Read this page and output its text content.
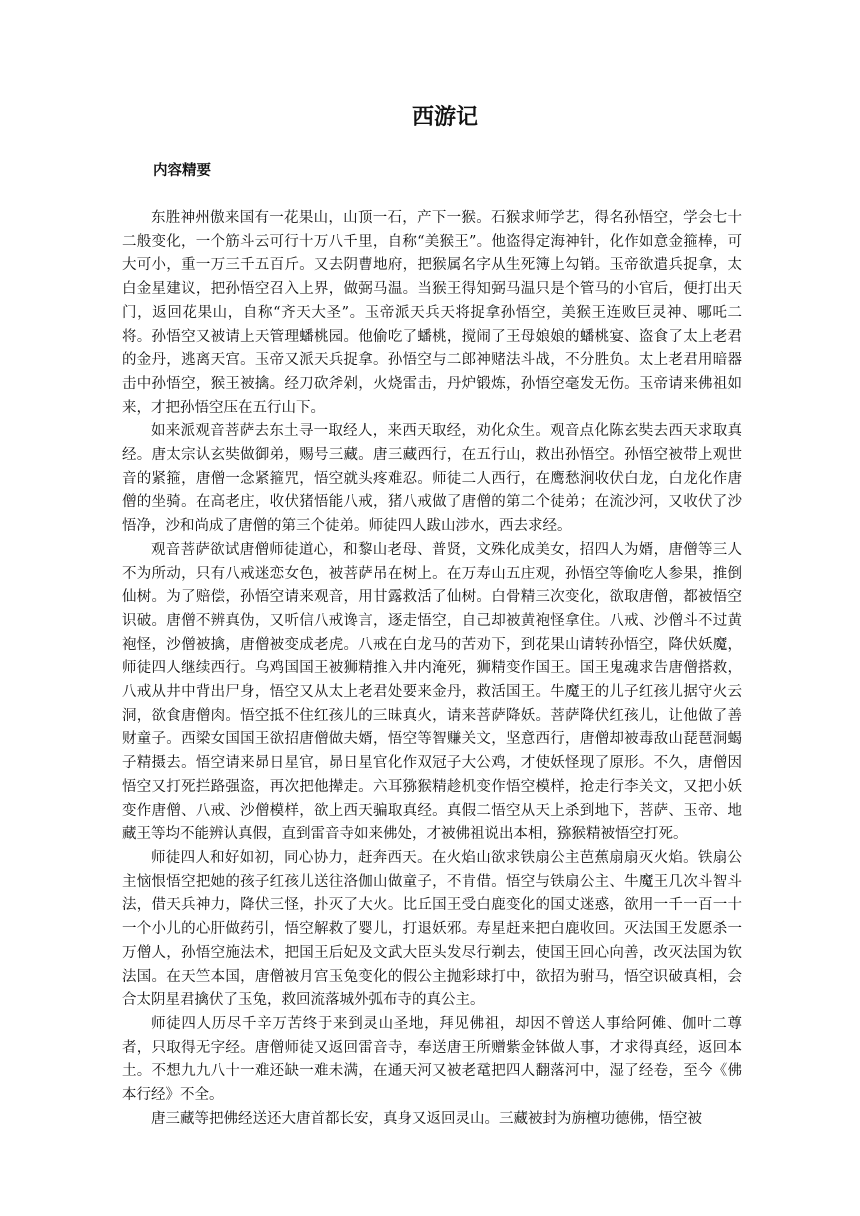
西游记
内容精要

东胜神州傲来国有一花果山，山顶一石，产下一猴。石猴求师学艺，得名孙悟空，学会七十二般变化，一个筋斗云可行十万八千里，自称“美猴王”。他盗得定海神针，化作如意金箍棒，可大可小，重一万三千五百斤。又去阴曹地府，把猴属名字从生死簿上勾销。玉帝欲遣兵捉拿，太白金星建议，把孙悟空召入上界，做弼马温。当猴王得知弼马温只是个管马的小官后，便打出天门，返回花果山，自称“齐天大圣”。玉帝派天兵天将捉拿孙悟空，美猴王连败巨灵神、哪吒二将。孙悟空又被请上天管理蟠桃园。他偷吃了蟠桃，搅闹了王母娘娘的蟠桃宴、盗食了太上老君的金丹，逃离天宫。玉帝又派天兵捉拿。孙悟空与二郎神赌法斗战，不分胜负。太上老君用暗器击中孙悟空，猴王被擒。经刀砍斧剁，火烧雷击，丹炉锻炼，孙悟空毫发无伤。玉帝请来佛祖如来，才把孙悟空压在五行山下。

如来派观音菩萨去东土寻一取经人，来西天取经，劝化众生。观音点化陈玄奘去西天求取真经。唐太宗认玄奘做御弟，赐号三藏。唐三藏西行，在五行山，救出孙悟空。孙悟空被带上观世音的紧箍，唐僧一念紧箍咒，悟空就头疼难忍。师徒二人西行，在鹰愁涧收伏白龙，白龙化作唐僧的坐骑。在高老庄，收伏猪悟能八戒，猪八戒做了唐僧的第二个徒弟；在流沙河，又收伏了沙悟净，沙和尚成了唐僧的第三个徒弟。师徒四人跋山涉水，西去求经。

观音菩萨欲试唐僧师徒道心，和黎山老母、普贤，文殊化成美女，招四人为婿，唐僧等三人不为所动，只有八戒迷恋女色，被菩萨吊在树上。在万寿山五庄观，孙悟空等偷吃人参果，推倒仙树。为了赔偿，孙悟空请来观音，用甘露救活了仙树。白骨精三次变化，欲取唐僧，都被悟空识破。唐僧不辨真伪，又听信八戒谗言，逐走悟空，自己却被黄袍怪拿住。八戒、沙僧斗不过黄袍怪，沙僧被擒，唐僧被变成老虎。八戒在白龙马的苦劝下，到花果山请转孙悟空，降伏妖魔，师徒四人继续西行。乌鸡国国王被狮精推入井内淹死，狮精变作国王。国王鬼魂求告唐僧搭救，八戒从井中背出尸身，悟空又从太上老君处要来金丹，救活国王。牛魔王的儿子红孩儿据守火云洞，欲食唐僧肉。悟空抵不住红孩儿的三昧真火，请来菩萨降妖。菩萨降伏红孩儿，让他做了善财童子。西梁女国国王欲招唐僧做夫婿，悟空等智赚关文，坚意西行，唐僧却被毒敌山琵琶洞蝎子精摄去。悟空请来昴日星官，昴日星官化作双冠子大公鸡，才使妖怪现了原形。不久，唐僧因悟空又打死拦路强盗，再次把他撵走。六耳猕猴精趁机变作悟空模样，抢走行李关文，又把小妖变作唐僧、八戒、沙僧模样，欲上西天骗取真经。真假二悟空从天上杀到地下，菩萨、玉帝、地藏王等均不能辨认真假，直到雷音寺如来佛处，才被佛祖说出本相，猕猴精被悟空打死。

师徒四人和好如初，同心协力，赶奔西天。在火焰山欲求铁扇公主芭蕉扇扇灭火焰。铁扇公主恼恨悟空把她的孩子红孩儿送往洛伽山做童子，不肯借。悟空与铁扇公主、牛魔王几次斗智斗法，借天兵神力，降伏三怪，扑灭了大火。比丘国王受白鹿变化的国丈迷惑，欲用一千一百一十一个小儿的心肝做药引，悟空解救了婴儿，打退妖邪。寿星赶来把白鹿收回。灭法国王发愿杀一万僧人，孙悟空施法术，把国王后妃及文武大臣头发尽行剃去，使国王回心向善，改灭法国为钦法国。在天竺本国，唐僧被月宫玉兔变化的假公主抛彩球打中，欲招为驸马，悟空识破真相，会合太阴星君擒伏了玉兔，救回流落城外弧布寺的真公主。

师徒四人历尽千辛万苦终于来到灵山圣地，拜见佛祖，却因不曾送人事给阿傩、伽叶二尊者，只取得无字经。唐僧师徒又返回雷音寺，奉送唐王所赠紫金钵做人事，才求得真经，返回本土。不想九九八十一难还缺一难未满，在通天河又被老鼋把四人翻落河中，湿了经卷，至今《佛本行经》不全。

唐三藏等把佛经送还大唐首都长安，真身又返回灵山。三藏被封为旃檀功德佛，悟空被
